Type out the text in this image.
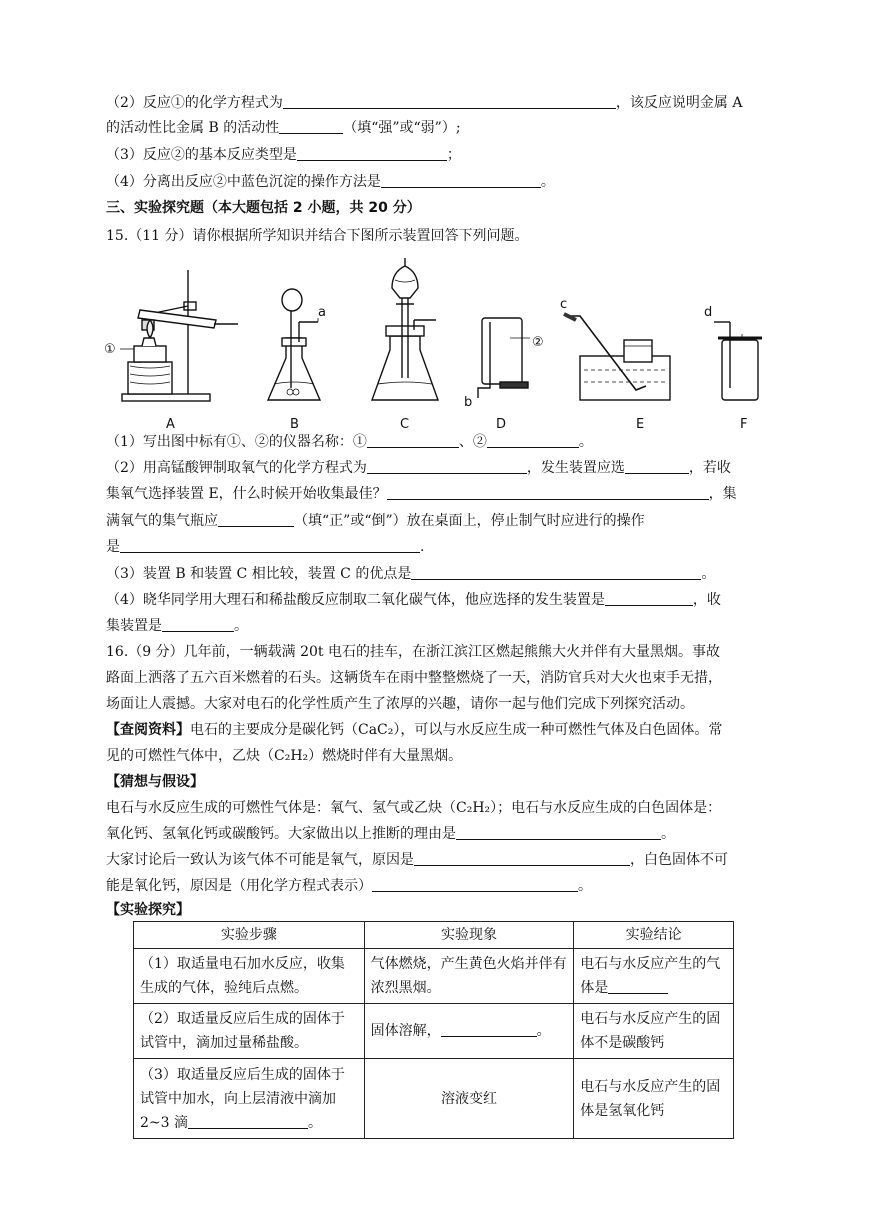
（2）反应①的化学方程式为	，该反应说明金属 A
的活动性比金属 B 的活动性	（填“强”或“弱”）;
（3）反应②的基本反应类型是	；
（4）分离出反应②中蓝色沉淀的操作方法是	。
三、实验探究题（本大题包括 2 小题，共 20 分）
15.（11 分）请你根据所学知识并结合下图所示装置回答下列问题。
①	②
a
b
c
d
A	B	C	D	E	F
（1）写出图中标有①、②的仪器名称：①	、②	。
（2）用高锰酸钾制取氧气的化学方程式为	，发生装置应选	，若收
集氧气选择装置 E，什么时候开始收集最佳？	，集
满氧气的集气瓶应	（填“正”或“倒”）放在桌面上，停止制气时应进行的操作
是	.
（3）装置 B 和装置 C 相比较，装置 C 的优点是	。
（4）晓华同学用大理石和稀盐酸反应制取二氧化碳气体，他应选择的发生装置是	，收
集装置是	。
16.（9 分）几年前，一辆载满 20t 电石的挂车，在浙江滨江区燃起熊熊大火并伴有大量黑烟。事故
路面上洒落了五六百米燃着的石头。这辆货车在雨中整整燃烧了一天，消防官兵对大火也束手无措，
场面让人震撼。大家对电石的化学性质产生了浓厚的兴趣，请你一起与他们完成下列探究活动。
【查阅资料】电石的主要成分是碳化钙（CaC₂），可以与水反应生成一种可燃性气体及白色固体。常
见的可燃性气体中，乙炔（C₂H₂）燃烧时伴有大量黑烟。
【猜想与假设】
电石与水反应生成的可燃性气体是：氧气、氢气或乙炔（C₂H₂）；电石与水反应生成的白色固体是：
氧化钙、氢氧化钙或碳酸钙。大家做出以上推断的理由是	。
大家讨论后一致认为该气体不可能是氧气，原因是	，白色固体不可
能是氧化钙，原因是（用化学方程式表示）	。
【实验探究】
实验步骤	实验现象	实验结论
（1）取适量电石加水反应，收集生成的气体，验纯后点燃。	气体燃烧，产生黄色火焰并伴有浓烈黑烟。	电石与水反应产生的气体是
（2）取适量反应后生成的固体于试管中，滴加过量稀盐酸。	固体溶解， 。	电石与水反应产生的固体不是碳酸钙
（3）取适量反应后生成的固体于试管中加水，向上层清液中滴加2~3 滴 。	溶液变红	电石与水反应产生的固体是氢氧化钙
